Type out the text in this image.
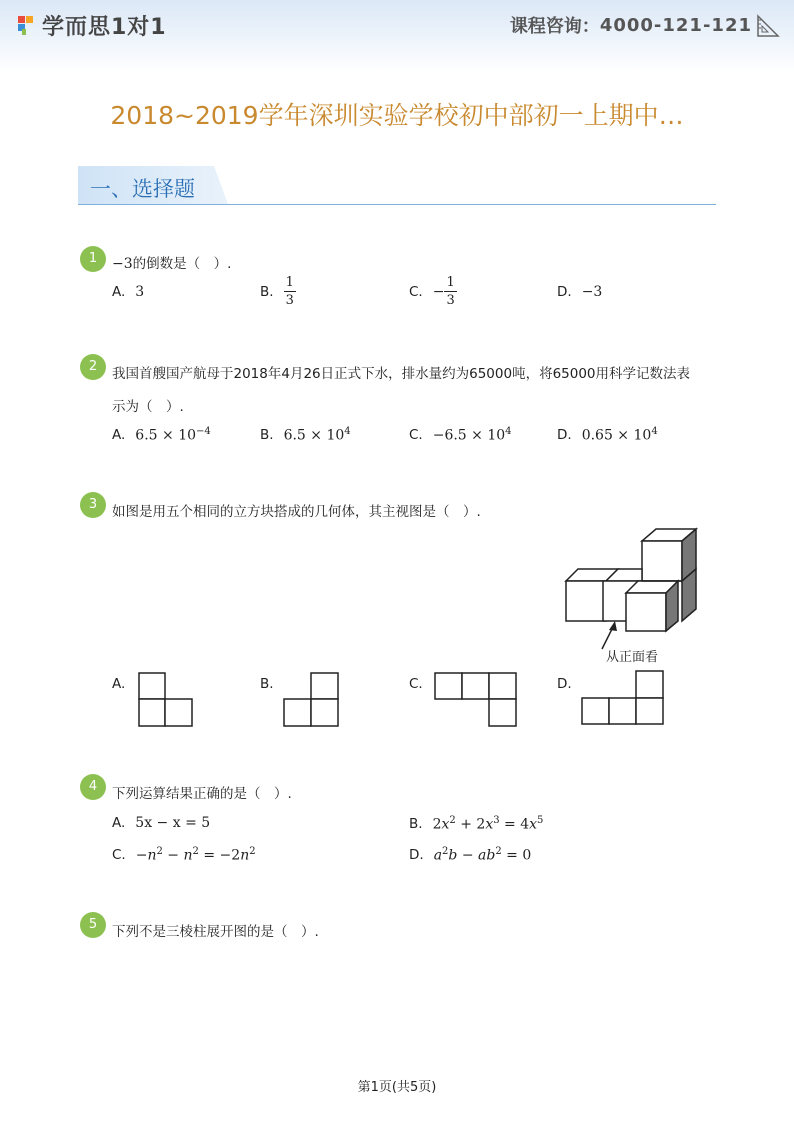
学而思1对1	课程咨询： 4000-121-121
2018~2019学年深圳实验学校初中部初一上期中…
一、选择题
1	−3的倒数是（　）.
A. 3	B. $\frac{1}{3}$	C. − $\frac{1}{3}$	D. −3
2	我国首艘国产航母于2018年4月26日正式下水，排水量约为65000吨，将65000用科学记数法表
示为（　）.
A. $6.5 \times 10^{-4}$	B. $6.5 \times 10^4$	C. $-6.5 \times 10^4$	D. $0.65 \times 10^4$
3	如图是用五个相同的立方块搭成的几何体，其主视图是（　）.
从正面看
A.	B.	C.	D.
4	下列运算结果正确的是（　）.
A. 5x − x = 5	B. $2x^2 + 2x^3 = 4x^5$
C. $-n^2 - n^2 = -2n^2$	D. $a^2b - ab^2 = 0$
5	下列不是三棱柱展开图的是（　）.
第1页(共5页)
